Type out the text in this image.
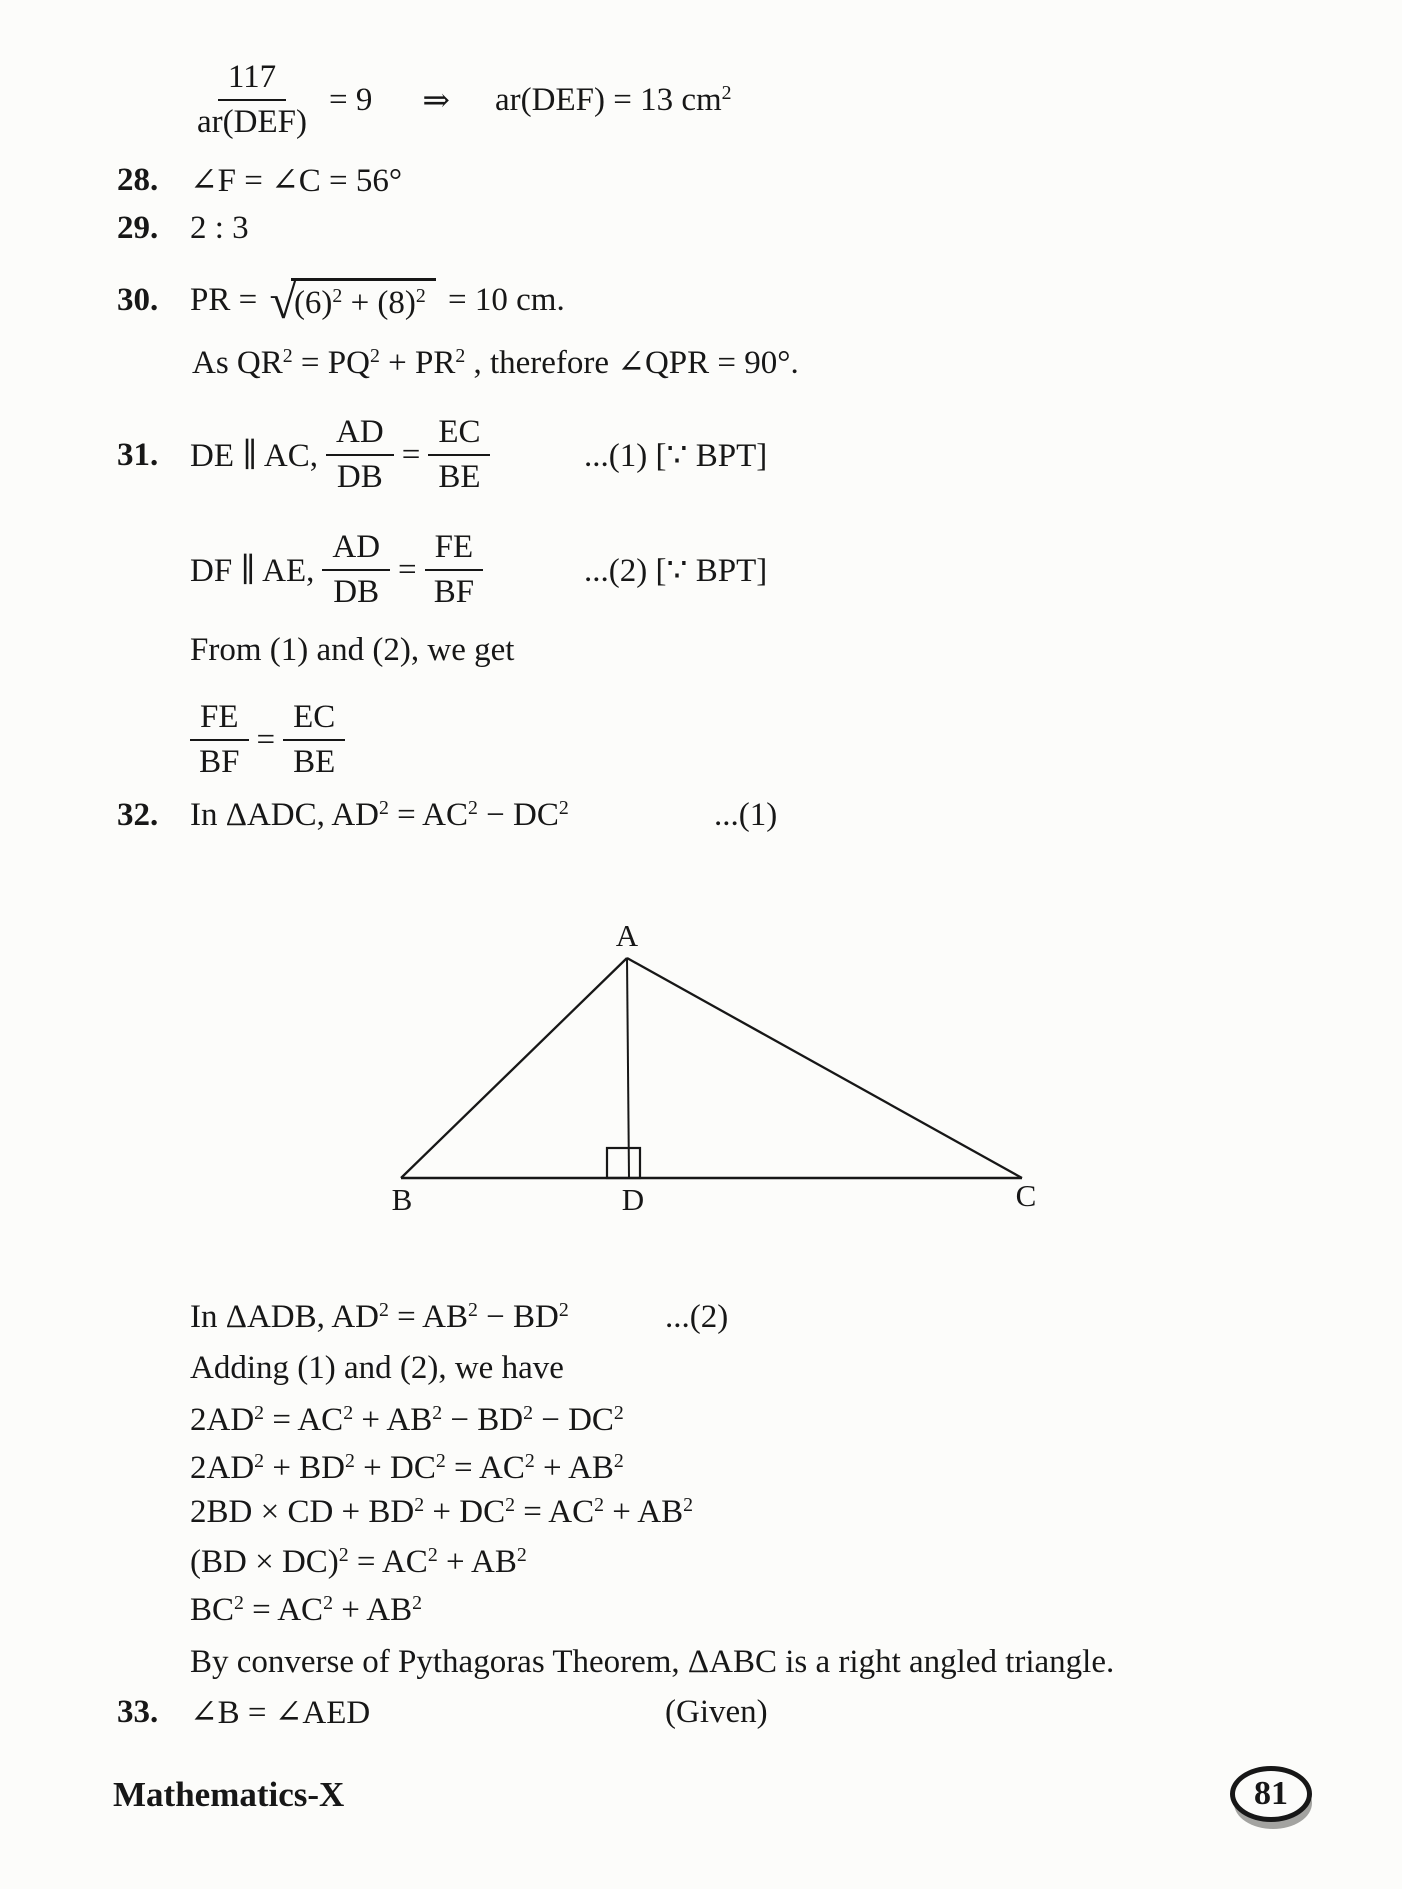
$\frac{117}{\text{ar(DEF)}} = 9$ ⇒ ar(DEF) = 13 $cm^2$
28. ∠F = ∠C = 56°
29. 2 : 3
30. PR = √
$(6)^2 + (8)^2 = 10$ cm.
As $QR^2 = PQ^2 + PR^2$ , therefore ∠QPR = 90°.
31. DE ∥ AC, $\frac{AD}{DB} = \frac{EC}{BE}$	...(1) [∵ BPT]
DF ∥ AE, $\frac{AD}{DB} = \frac{FE}{BF}$	...(2) [∵ BPT]
From (1) and (2), we get
$\frac{FE}{BF} = \frac{EC}{BE}$
32. In ΔADC, $AD^2 = AC^2 - DC^2$	...(1)
A
B	D	C
In ΔADB, $AD^2 = AB^2 - BD^2$	...(2)
Adding (1) and (2), we have
$2AD^2 = AC^2 + AB^2 - BD^2 - DC^2$
$2AD^2 + BD^2 + DC^2 = AC^2 + AB^2$
2BD × CD + $BD^2 + DC^2 = AC^2 + AB^2$
$(BD \times DC)^2 = AC^2 + AB^2$
$BC^2 = AC^2 + AB^2$
By converse of Pythagoras Theorem, ΔABC is a right angled triangle.
33. ∠B = ∠AED	(Given)
Mathematics-X	81
